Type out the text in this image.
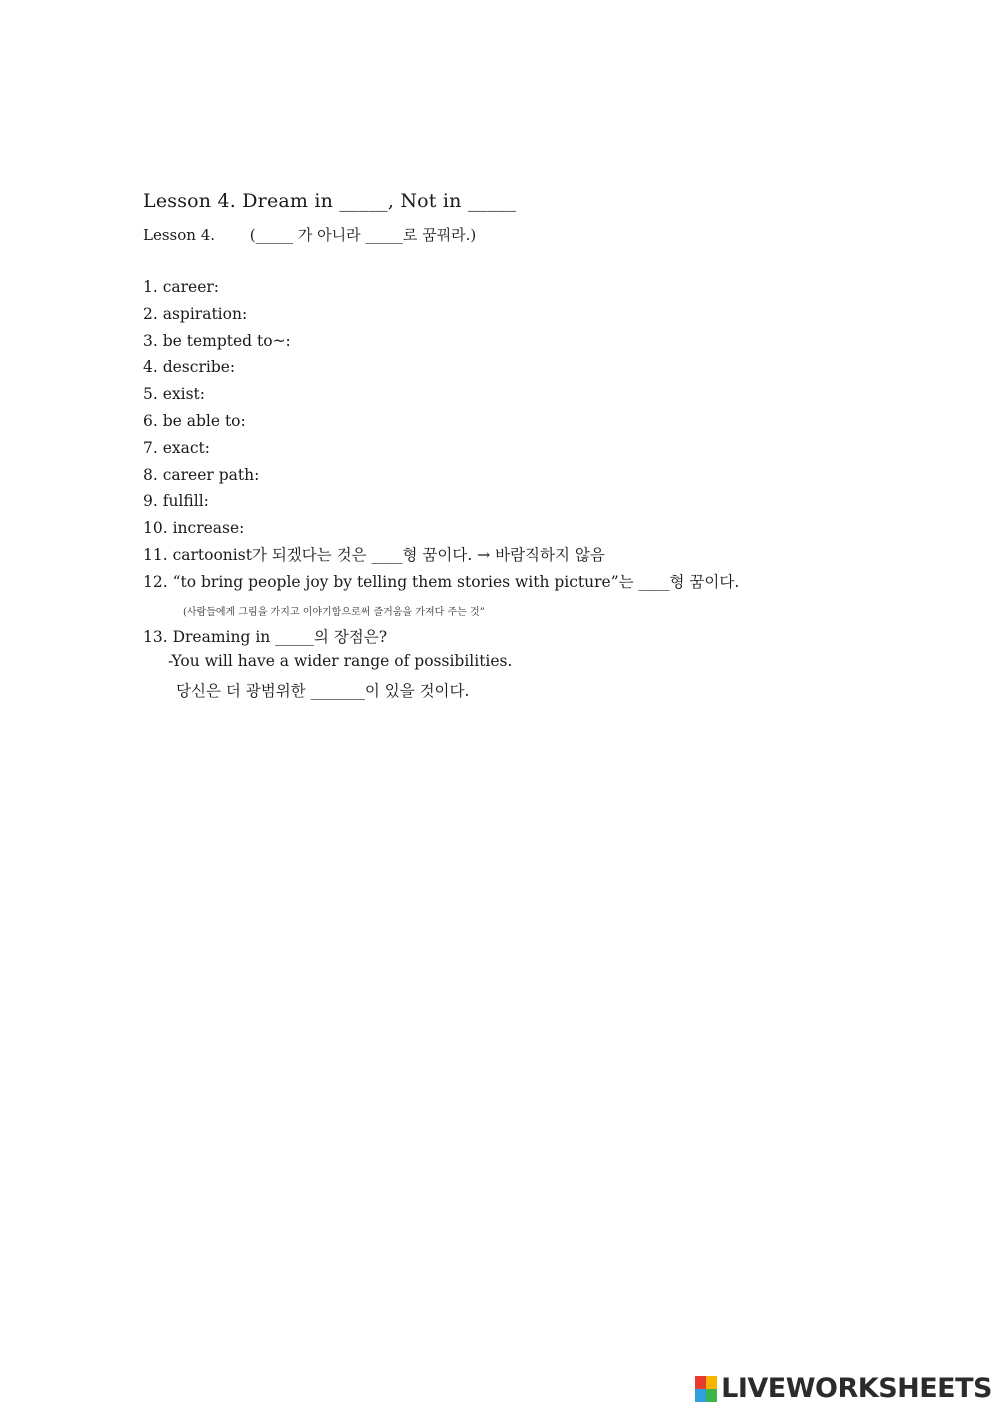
Lesson 4. Dream in _____, Not in _____
Lesson 4. (_____ 가 아니라 _____로 꿈꿔라.)
1. career:
2. aspiration:
3. be tempted to~:
4. describe:
5. exist:
6. be able to:
7. exact:
8. career path:
9. fulfill:
10. increase:
11. cartoonist가 되겠다는 것은 ____형 꿈이다. → 바람직하지 않음
12. “to bring people joy by telling them stories with picture”는 ____형 꿈이다.
(사람들에게 그림을 가지고 이야기함으로써 즐거움을 가져다 주는 것”
13. Dreaming in _____의 장점은?
-You will have a wider range of possibilities.
당신은 더 광범위한 _______이 있을 것이다.
LIVEWORKSHEETS
